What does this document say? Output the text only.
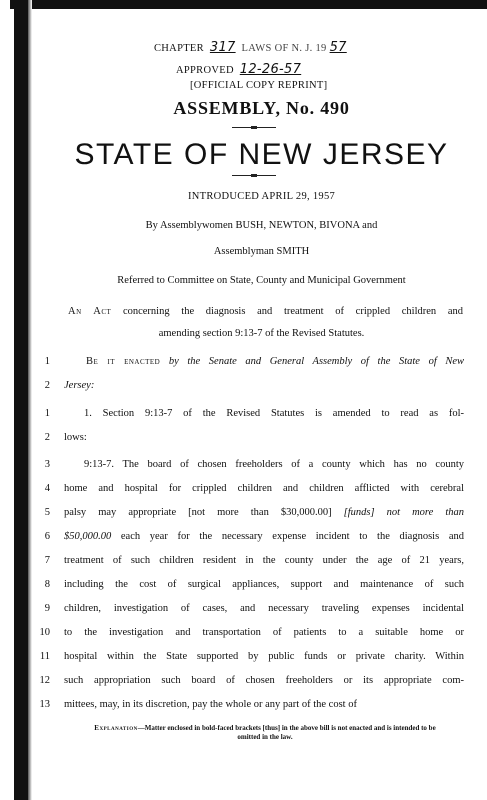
CHAPTER 317 LAWS OF N. J. 19 57
APPROVED 12-26-57
[OFFICIAL COPY REPRINT]
ASSEMBLY, No. 490
STATE OF NEW JERSEY
INTRODUCED APRIL 29, 1957
By Assemblywomen BUSH, NEWTON, BIVONA and
Assemblyman SMITH
Referred to Committee on State, County and Municipal Government
An Act concerning the diagnosis and treatment of crippled children and
amending section 9:13-7 of the Revised Statutes.
1	Be it enacted by the Senate and General Assembly of the State of New
2 Jersey:
1	1. Section 9:13-7 of the Revised Statutes is amended to read as fol-
2 lows:
3	9:13-7. The board of chosen freeholders of a county which has no county
4 home and hospital for crippled children and children afflicted with cerebral
5 palsy may appropriate [not more than $30,000.00] [funds] not more than
6 $50,000.00 each year for the necessary expense incident to the diagnosis and
7 treatment of such children resident in the county under the age of 21 years,
8 including the cost of surgical appliances, support and maintenance of such
9 children, investigation of cases, and necessary traveling expenses incidental
10 to the investigation and transportation of patients to a suitable home or
11 hospital within the State supported by public funds or private charity. Within
12 such appropriation such board of chosen freeholders or its appropriate com-
13 mittees, may, in its discretion, pay the whole or any part of the cost of
Explanation—Matter enclosed in bold-faced brackets [thus] in the above bill is not enacted and is intended to be omitted in the law.
